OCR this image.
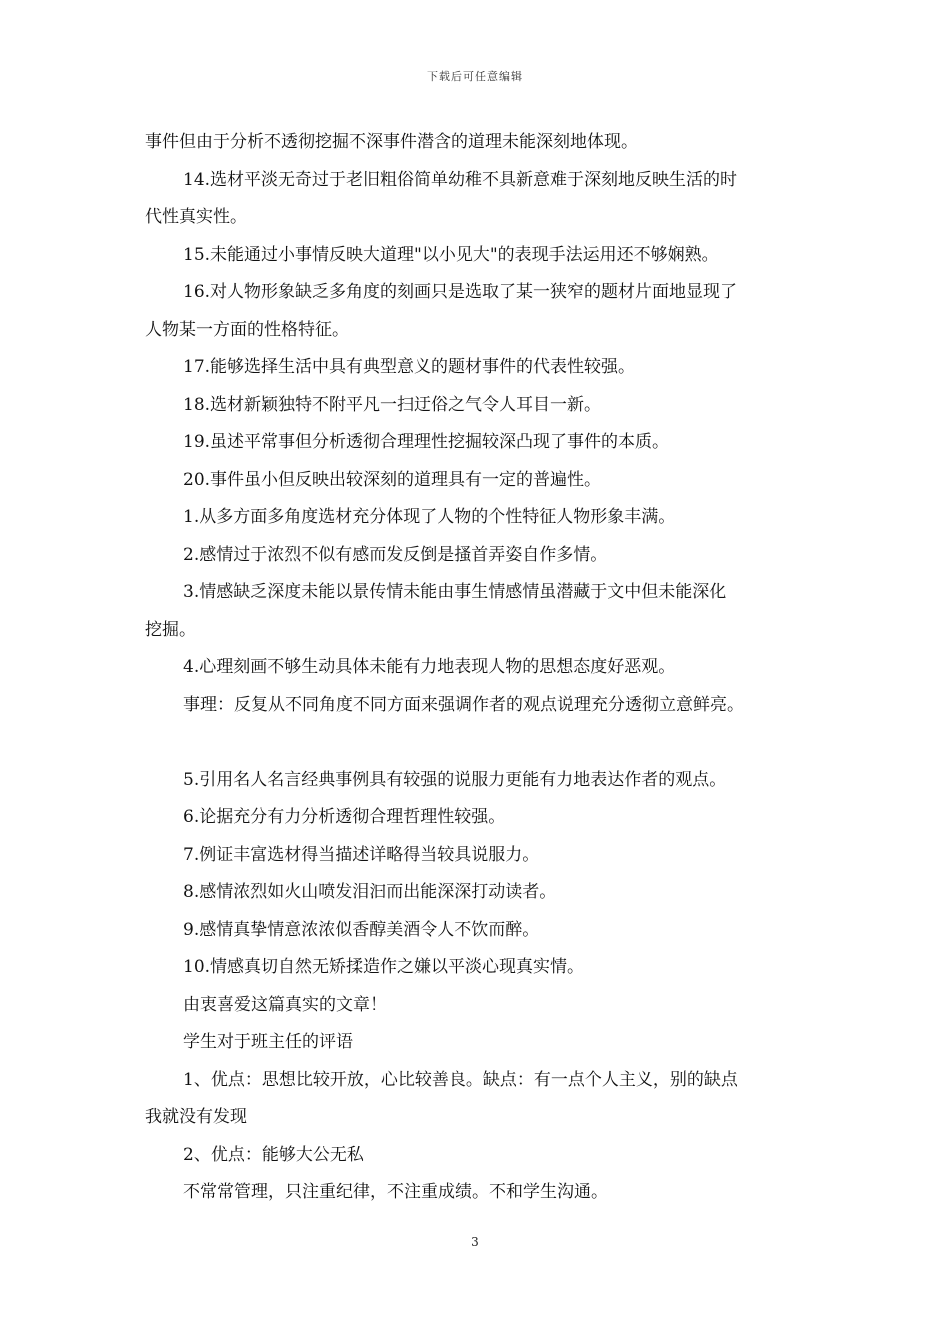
下载后可任意编辑
事件但由于分析不透彻挖掘不深事件潜含的道理未能深刻地体现。
14.选材平淡无奇过于老旧粗俗简单幼稚不具新意难于深刻地反映生活的时
代性真实性。
15.未能通过小事情反映大道理"以小见大"的表现手法运用还不够娴熟。
16.对人物形象缺乏多角度的刻画只是选取了某一狭窄的题材片面地显现了
人物某一方面的性格特征。
17.能够选择生活中具有典型意义的题材事件的代表性较强。
18.选材新颖独特不附平凡一扫迂俗之气令人耳目一新。
19.虽述平常事但分析透彻合理理性挖掘较深凸现了事件的本质。
20.事件虽小但反映出较深刻的道理具有一定的普遍性。
1.从多方面多角度选材充分体现了人物的个性特征人物形象丰满。
2.感情过于浓烈不似有感而发反倒是搔首弄姿自作多情。
3.情感缺乏深度未能以景传情未能由事生情感情虽潜藏于文中但未能深化
挖掘。
4.心理刻画不够生动具体未能有力地表现人物的思想态度好恶观。
事理：反复从不同角度不同方面来强调作者的观点说理充分透彻立意鲜亮。
5.引用名人名言经典事例具有较强的说服力更能有力地表达作者的观点。
6.论据充分有力分析透彻合理哲理性较强。
7.例证丰富选材得当描述详略得当较具说服力。
8.感情浓烈如火山喷发泪汩而出能深深打动读者。
9.感情真挚情意浓浓似香醇美酒令人不饮而醉。
10.情感真切自然无矫揉造作之嫌以平淡心现真实情。
由衷喜爱这篇真实的文章！
学生对于班主任的评语
1、优点：思想比较开放，心比较善良。缺点：有一点个人主义，别的缺点
我就没有发现
2、优点：能够大公无私
不常常管理，只注重纪律，不注重成绩。不和学生沟通。
3
